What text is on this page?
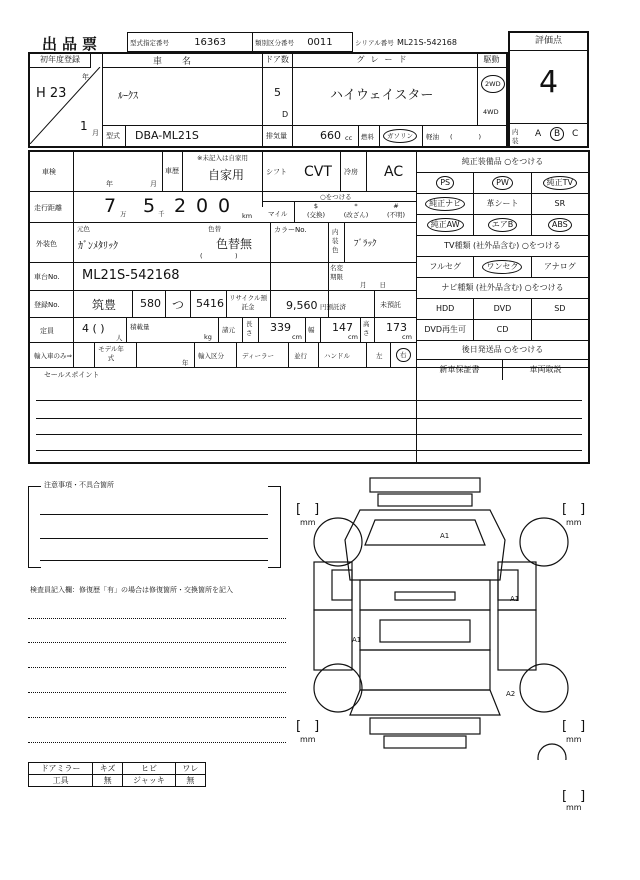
出品票	型式指定番号	16363	類別区分番号 0011	シリアル番号 ML21S-542168	評価点
4
内装
A	B	C
初年度登録
H 23
年
1 月
車名
ﾙｰｸｽ
ドア数
5
D
グレード
ハイウェイスター
駆動
2WD
4WD
型式 DBA-ML21S	排気量	660 cc 燃料	ガソリン	軽油 (　　　　)
車検
年	月
車歴
※未記入は自家用
自家用	シフト CVT 冷房 AC
走行距離 7 万 5 千 2 0 0 km
○をつける
マイル
$
(交換)
*
(改ざん)
#
(不明)
外装色
元色
ｶﾞﾝﾒﾀﾘｯｸ
色替
色替無
(　　　　　)
カラーNo.	内装色
ﾌﾞﾗｯｸ
車台No. ML21S-542168	名変期限
月　　日
登録No.	筑豊 580 つ 5416 リサイクル預託金	9,560 円預託済	未預託
定員	4 ( )
人
積載量
kg
諸元
長さ 339
cm
幅 147
cm
高さ 173
cm
輸入車のみ⇒
モデル年式
年
輸入区分	ディーラー	並行	ハンドル	左	右
セールスポイント
純正装備品 ○をつける
PS	PW	純正TV
純正ナビ	革シート	SR
純正AW	エアB	ABS
TV種類 (社外品含む) ○をつける
フルセグ	ワンセグ	アナログ
ナビ種類 (社外品含む) ○をつける
HDD	DVD	SD
DVD再生可	CD
後日発送品 ○をつける
新車保証書	車両取説
注意事項・不具合箇所
検査員記入欄：修復歴「有」の場合は修復箇所・交換箇所を記入
ドアミラー	キズ	ヒビ	ワレ
工具	無	ジャッキ	無
A1
A1
A1
A2
[　]
mm
[　]
mm
[　]
mm
[　]
mm
[　]
mm
